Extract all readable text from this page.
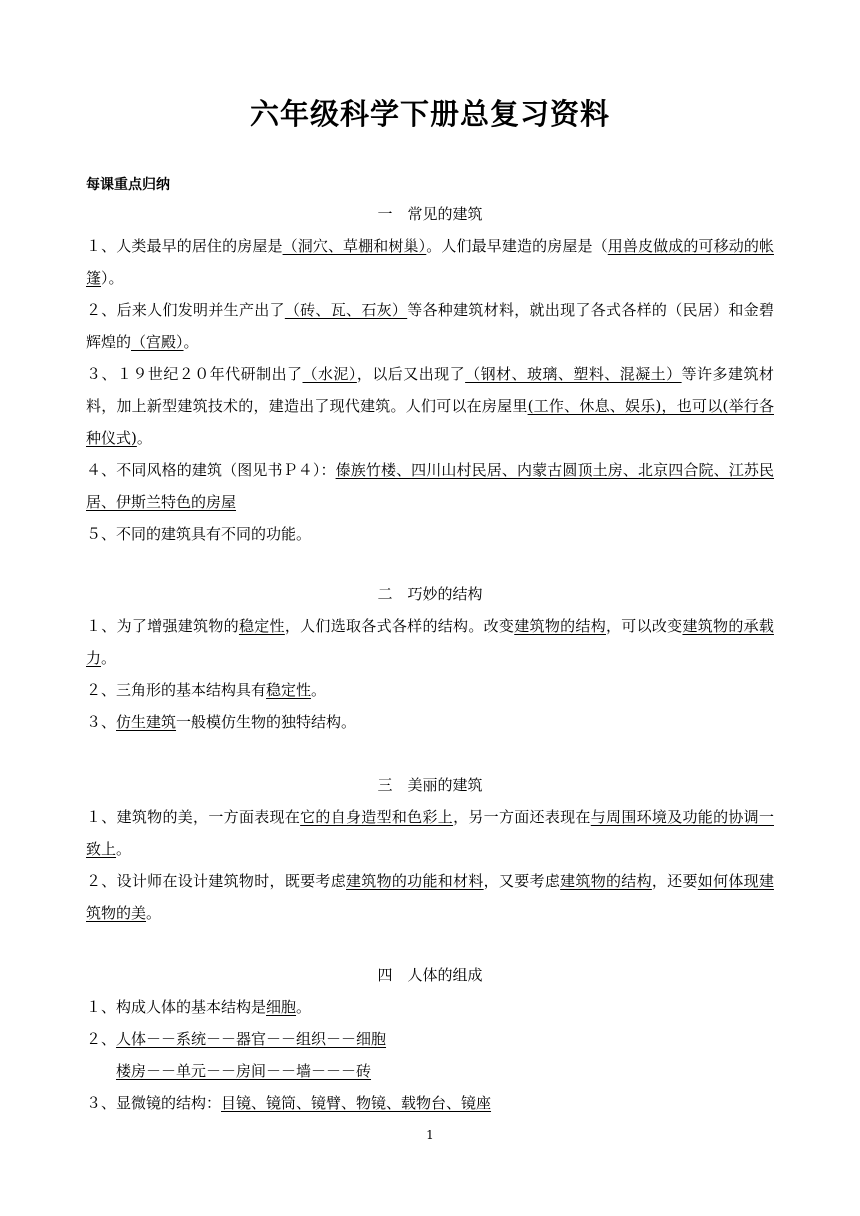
六年级科学下册总复习资料
每课重点归纳
一　常见的建筑
１、人类最早的居住的房屋是（洞穴、草棚和树巢）。人们最早建造的房屋是（用兽皮做成的可移动的帐篷）。
２、后来人们发明并生产出了（砖、瓦、石灰）等各种建筑材料，就出现了各式各样的（民居）和金碧辉煌的（宫殿）。
３、１９世纪２０年代研制出了（水泥），以后又出现了（钢材、玻璃、塑料、混凝土）等许多建筑材料，加上新型建筑技术的，建造出了现代建筑。人们可以在房屋里(工作、休息、娱乐)，也可以(举行各种仪式)。
４、不同风格的建筑（图见书Ｐ４）：傣族竹楼、四川山村民居、内蒙古圆顶土房、北京四合院、江苏民居、伊斯兰特色的房屋
５、不同的建筑具有不同的功能。
二　巧妙的结构
１、为了增强建筑物的稳定性，人们选取各式各样的结构。改变建筑物的结构，可以改变建筑物的承载力。
２、三角形的基本结构具有稳定性。
３、仿生建筑一般模仿生物的独特结构。
三　美丽的建筑
１、建筑物的美，一方面表现在它的自身造型和色彩上，另一方面还表现在与周围环境及功能的协调一致上。
２、设计师在设计建筑物时，既要考虑建筑物的功能和材料，又要考虑建筑物的结构，还要如何体现建筑物的美。
四　人体的组成
１、构成人体的基本结构是细胞。
２、人体－－系统－－器官－－组织－－细胞
楼房－－单元－－房间－－墙－－－砖
３、显微镜的结构：目镜、镜筒、镜臂、物镜、载物台、镜座
1
